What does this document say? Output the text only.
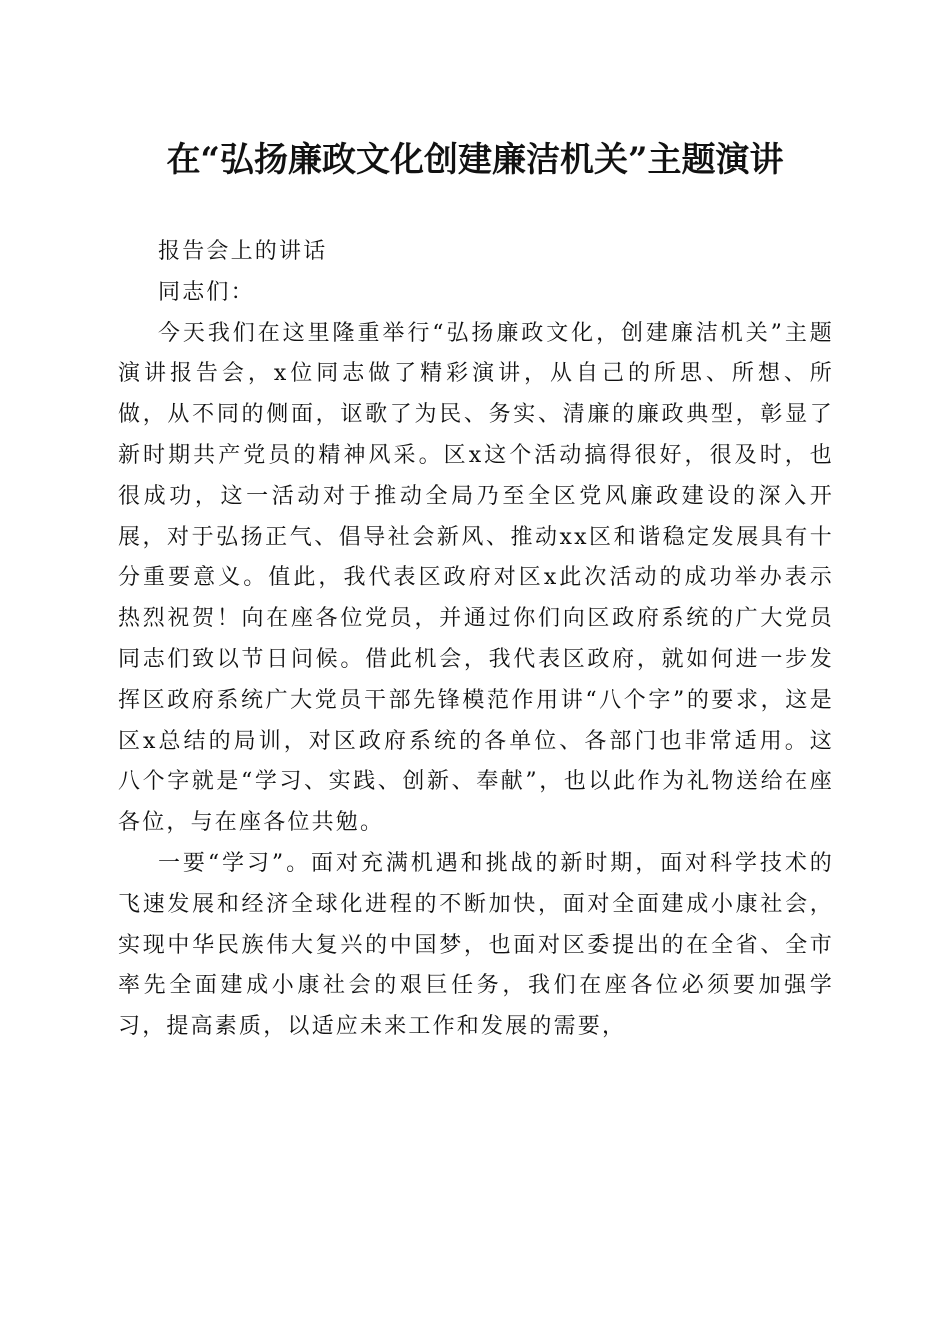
在“弘扬廉政文化创建廉洁机关”主题演讲

报告会上的讲话

同志们：

今天我们在这里隆重举行“弘扬廉政文化，创建廉洁机关”主题演讲报告会，x位同志做了精彩演讲，从自己的所思、所想、所做，从不同的侧面，讴歌了为民、务实、清廉的廉政典型，彰显了新时期共产党员的精神风采。区x这个活动搞得很好，很及时，也很成功，这一活动对于推动全局乃至全区党风廉政建设的深入开展，对于弘扬正气、倡导社会新风、推动xx区和谐稳定发展具有十分重要意义。值此，我代表区政府对区x此次活动的成功举办表示热烈祝贺！向在座各位党员，并通过你们向区政府系统的广大党员同志们致以节日问候。借此机会，我代表区政府，就如何进一步发挥区政府系统广大党员干部先锋模范作用讲“八个字”的要求，这是区x总结的局训，对区政府系统的各单位、各部门也非常适用。这八个字就是“学习、实践、创新、奉献”，也以此作为礼物送给在座各位，与在座各位共勉。

一要“学习”。面对充满机遇和挑战的新时期，面对科学技术的飞速发展和经济全球化进程的不断加快，面对全面建成小康社会，实现中华民族伟大复兴的中国梦，也面对区委提出的在全省、全市率先全面建成小康社会的艰巨任务，我们在座各位必须要加强学习，提高素质，以适应未来工作和发展的需要，
